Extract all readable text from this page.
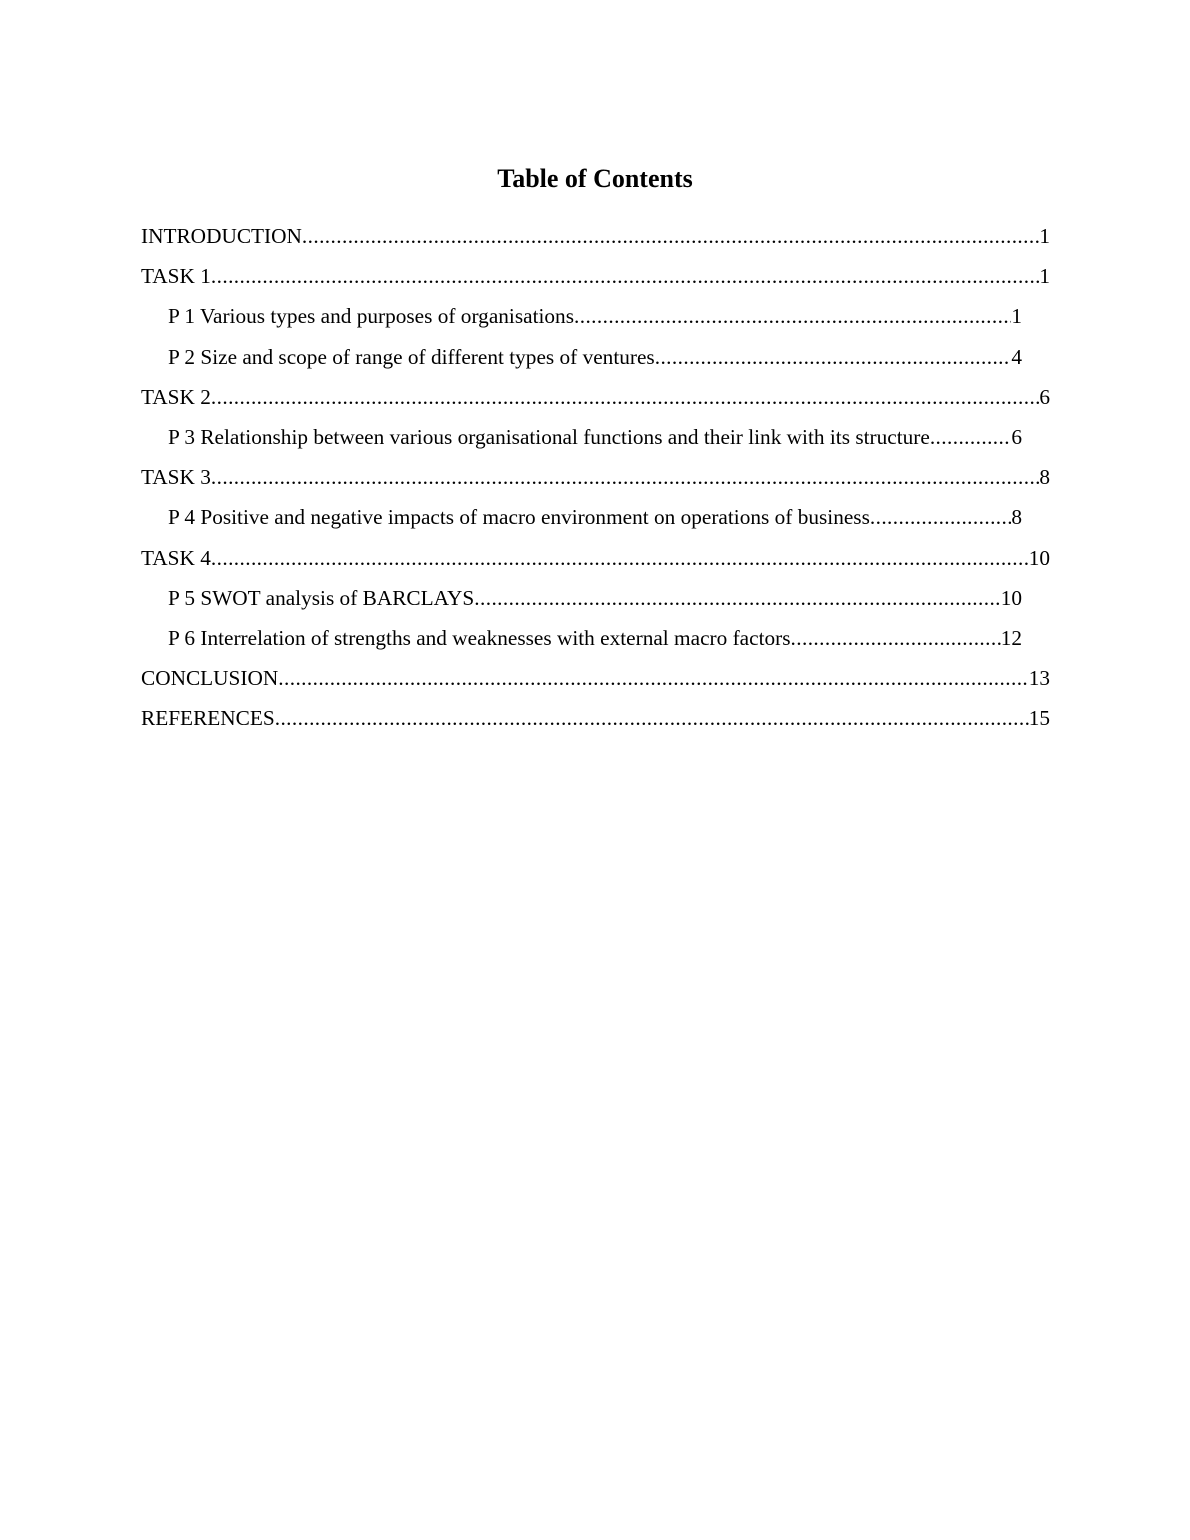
Table of Contents
INTRODUCTION .....	1
TASK 1 .....	1
P 1 Various types and purposes of organisations .....	1
P 2 Size and scope of range of different types of ventures .....	4
TASK 2 .....	6
P 3 Relationship between various organisational functions and their link with its structure .....	6
TASK 3 .....	8
P 4 Positive and negative impacts of macro environment on operations of business .....	8
TASK 4 .....	10
P 5 SWOT analysis of BARCLAYS .....	10
P 6 Interrelation of strengths and weaknesses with external macro factors .....	12
CONCLUSION .....	13
REFERENCES .....	15
